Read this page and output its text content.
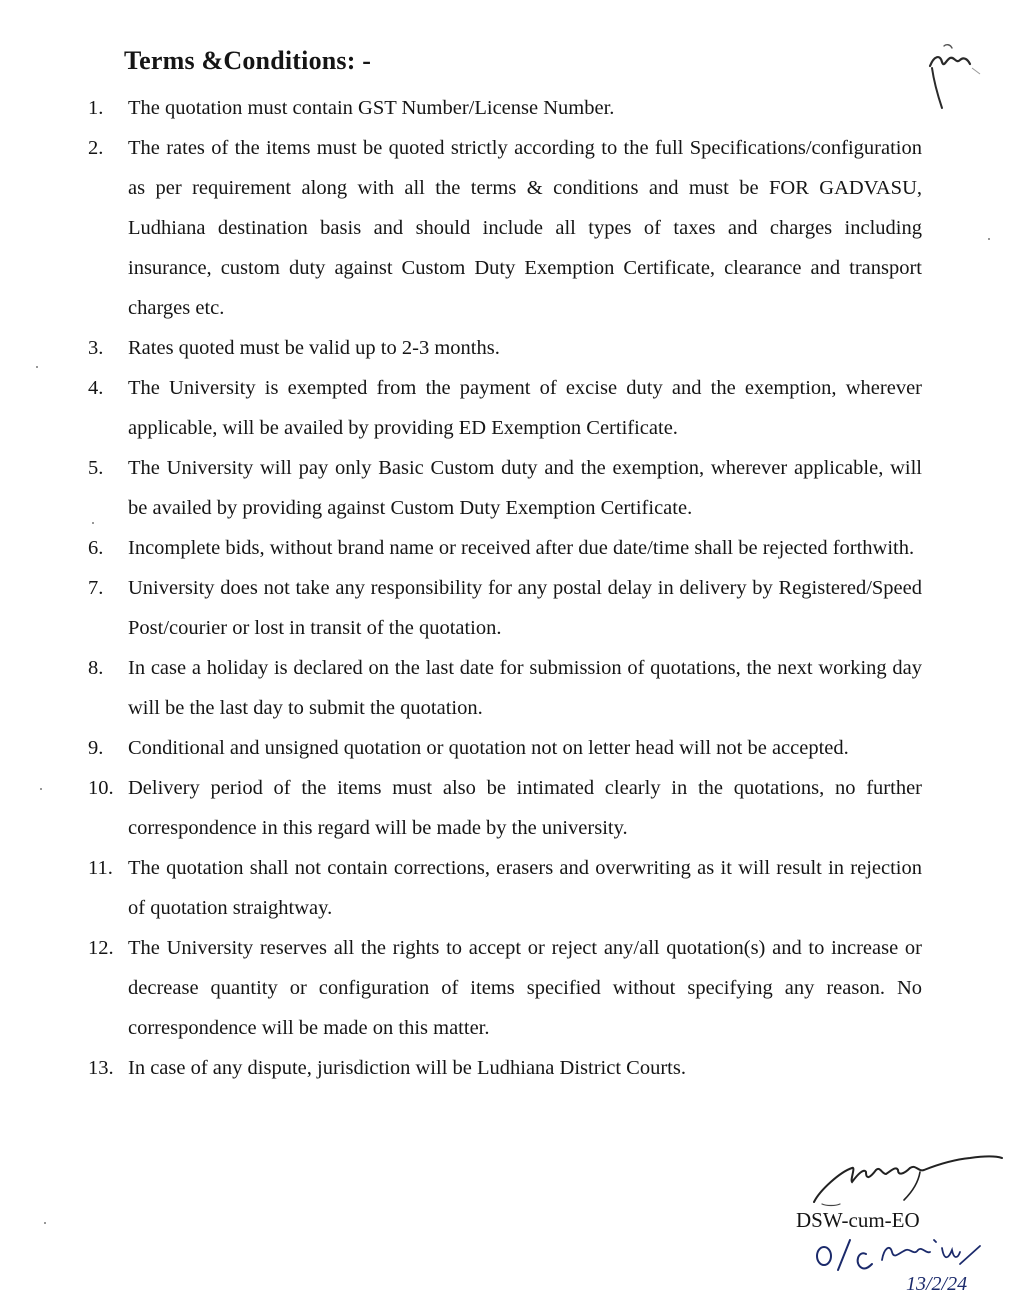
Terms &Conditions: -
1.	The quotation must contain GST Number/License Number.
2.	The rates of the items must be quoted strictly according to the full Specifications/configuration as per requirement along with all the terms & conditions and must be FOR GADVASU, Ludhiana destination basis and should include all types of taxes and charges including insurance, custom duty against Custom Duty Exemption Certificate, clearance and transport charges etc.
3.	Rates quoted must be valid up to 2-3 months.
4.	The University is exempted from the payment of excise duty and the exemption, wherever applicable, will be availed by providing ED Exemption Certificate.
5.	The University will pay only Basic Custom duty and the exemption, wherever applicable, will be availed by providing against Custom Duty Exemption Certificate.
6.	Incomplete bids, without brand name or received after due date/time shall be rejected forthwith.
7.	University does not take any responsibility for any postal delay in delivery by Registered/Speed Post/courier or lost in transit of the quotation.
8.	In case a holiday is declared on the last date for submission of quotations, the next working day will be the last day to submit the quotation.
9.	Conditional and unsigned quotation or quotation not on letter head will not be accepted.
10. Delivery period of the items must also be intimated clearly in the quotations, no further correspondence in this regard will be made by the university.
11. The quotation shall not contain corrections, erasers and overwriting as it will result in rejection of quotation straightway.
12. The University reserves all the rights to accept or reject any/all quotation(s) and to increase or decrease quantity or configuration of items specified without specifying any reason. No correspondence will be made on this matter.
13. In case of any dispute, jurisdiction will be Ludhiana District Courts.
DSW-cum-EO
13/2/24
o/c
